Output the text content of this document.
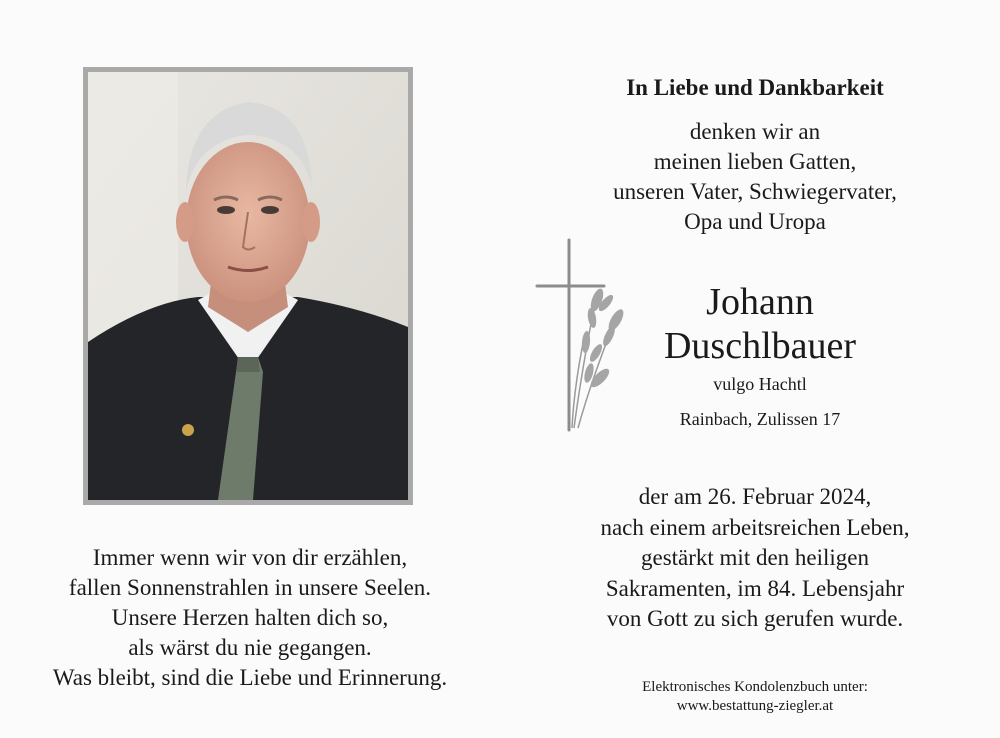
Immer wenn wir von dir erzählen,
fallen Sonnenstrahlen in unsere Seelen.
Unsere Herzen halten dich so,
als wärst du nie gegangen.
Was bleibt, sind die Liebe und Erinnerung.
In Liebe und Dankbarkeit
denken wir an
meinen lieben Gatten,
unseren Vater, Schwiegervater,
Opa und Uropa
Johann
Duschlbauer
vulgo Hachtl
Rainbach, Zulissen 17
der am 26. Februar 2024,
nach einem arbeitsreichen Leben,
gestärkt mit den heiligen
Sakramenten, im 84. Lebensjahr
von Gott zu sich gerufen wurde.
Elektronisches Kondolenzbuch unter:
www.bestattung-ziegler.at
